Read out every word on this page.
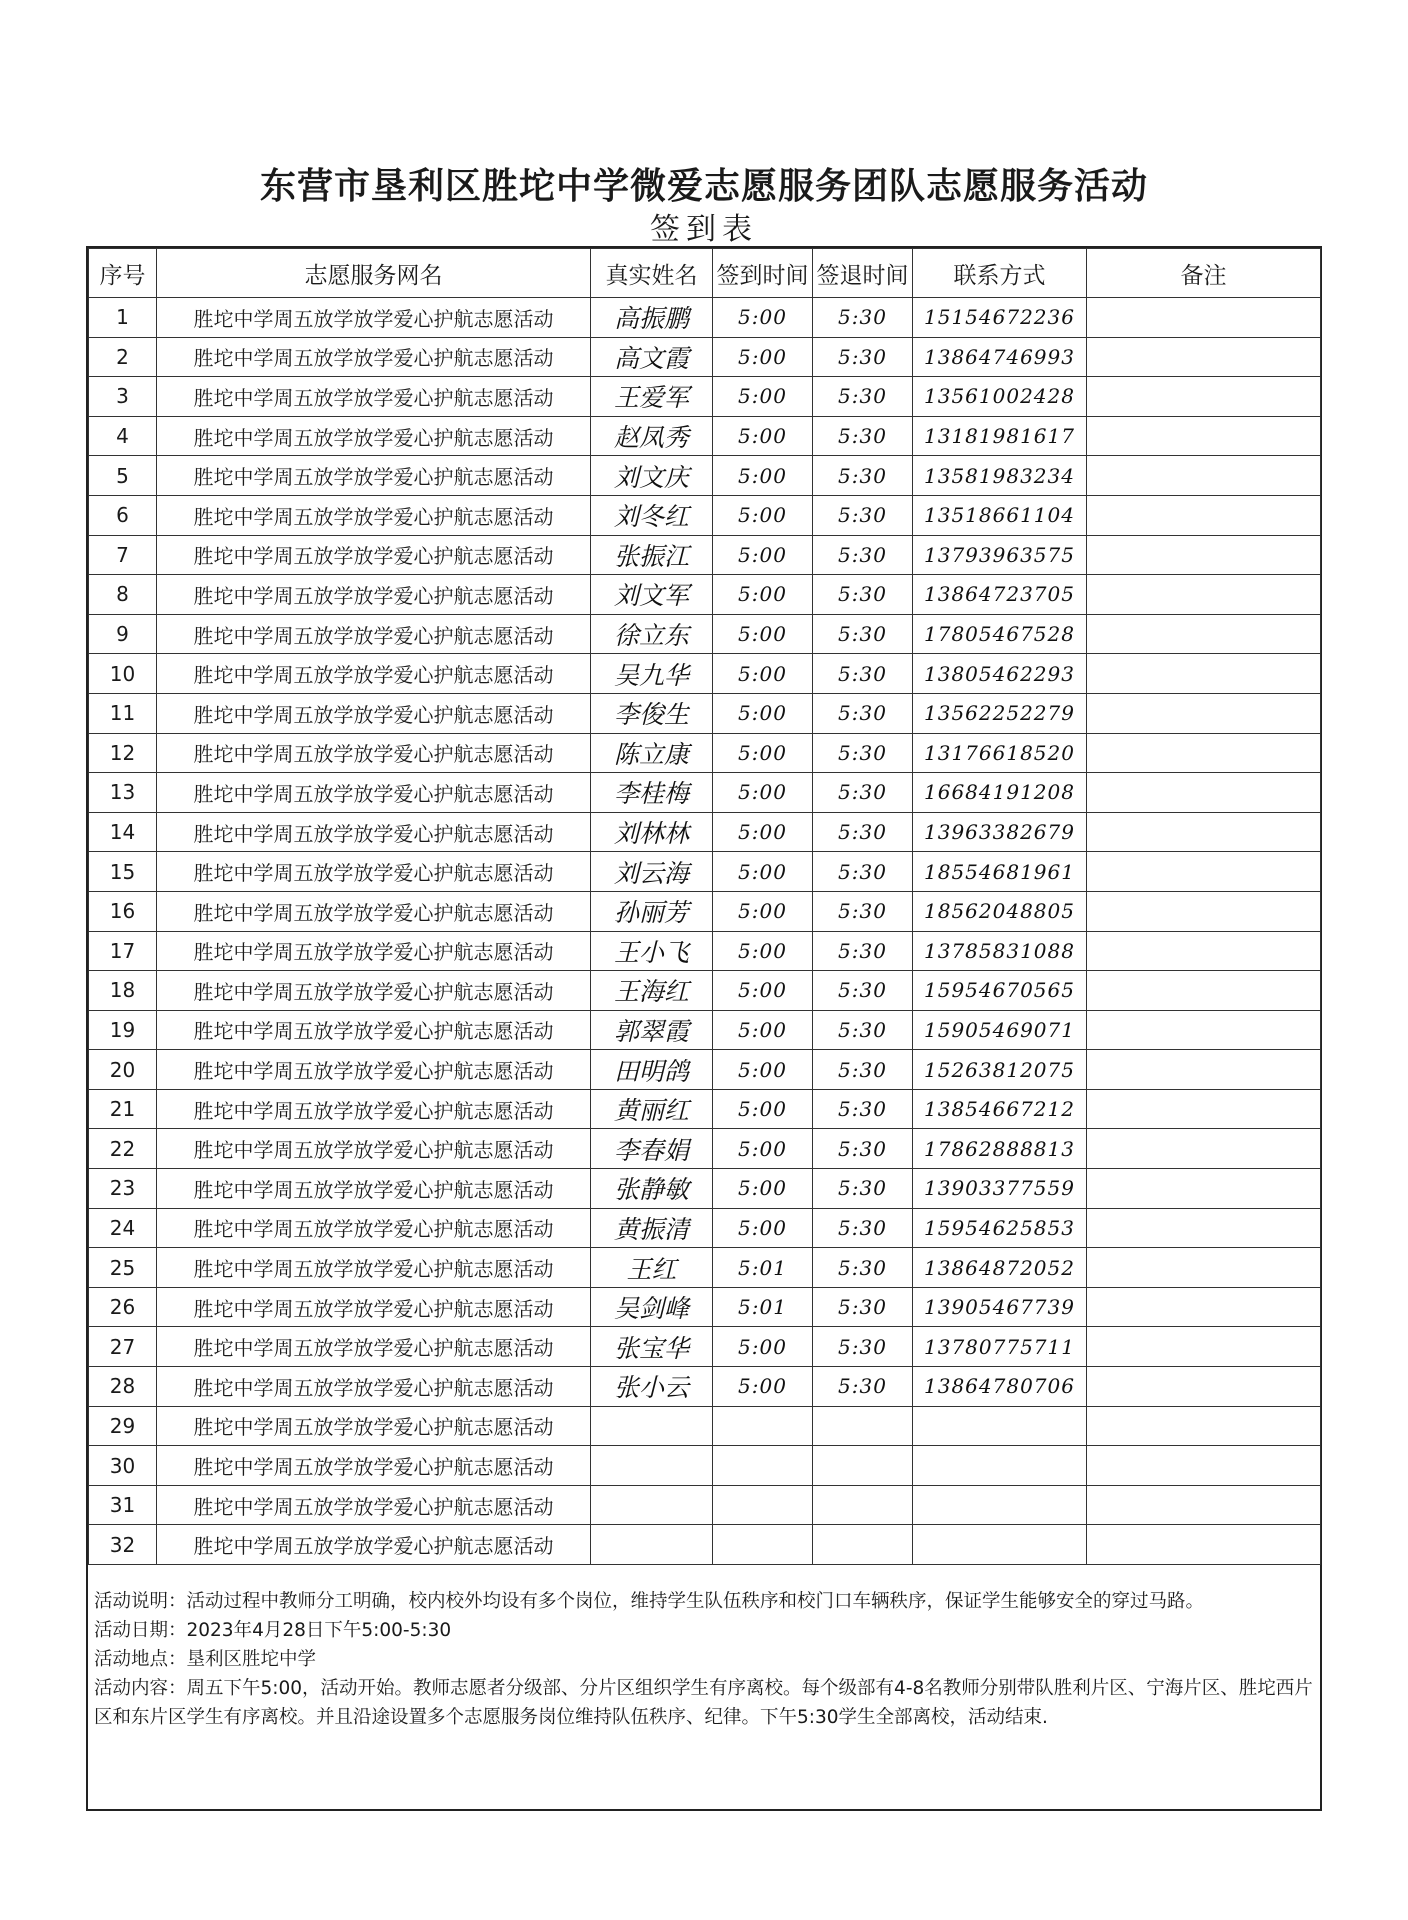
东营市垦利区胜坨中学微爱志愿服务团队志愿服务活动
签到表
序号	志愿服务网名	真实姓名	签到时间	签退时间	联系方式	备注
1	胜坨中学周五放学放学爱心护航志愿活动	高振鹏	5:00	5:30	15154672236	
2	胜坨中学周五放学放学爱心护航志愿活动	高文霞	5:00	5:30	13864746993	
3	胜坨中学周五放学放学爱心护航志愿活动	王爱军	5:00	5:30	13561002428	
4	胜坨中学周五放学放学爱心护航志愿活动	赵凤秀	5:00	5:30	13181981617	
5	胜坨中学周五放学放学爱心护航志愿活动	刘文庆	5:00	5:30	13581983234	
6	胜坨中学周五放学放学爱心护航志愿活动	刘冬红	5:00	5:30	13518661104	
7	胜坨中学周五放学放学爱心护航志愿活动	张振江	5:00	5:30	13793963575	
8	胜坨中学周五放学放学爱心护航志愿活动	刘文军	5:00	5:30	13864723705	
9	胜坨中学周五放学放学爱心护航志愿活动	徐立东	5:00	5:30	17805467528	
10	胜坨中学周五放学放学爱心护航志愿活动	吴九华	5:00	5:30	13805462293	
11	胜坨中学周五放学放学爱心护航志愿活动	李俊生	5:00	5:30	13562252279	
12	胜坨中学周五放学放学爱心护航志愿活动	陈立康	5:00	5:30	13176618520	
13	胜坨中学周五放学放学爱心护航志愿活动	李桂梅	5:00	5:30	16684191208	
14	胜坨中学周五放学放学爱心护航志愿活动	刘林林	5:00	5:30	13963382679	
15	胜坨中学周五放学放学爱心护航志愿活动	刘云海	5:00	5:30	18554681961	
16	胜坨中学周五放学放学爱心护航志愿活动	孙丽芳	5:00	5:30	18562048805	
17	胜坨中学周五放学放学爱心护航志愿活动	王小飞	5:00	5:30	13785831088	
18	胜坨中学周五放学放学爱心护航志愿活动	王海红	5:00	5:30	15954670565	
19	胜坨中学周五放学放学爱心护航志愿活动	郭翠霞	5:00	5:30	15905469071	
20	胜坨中学周五放学放学爱心护航志愿活动	田明鸽	5:00	5:30	15263812075	
21	胜坨中学周五放学放学爱心护航志愿活动	黄丽红	5:00	5:30	13854667212	
22	胜坨中学周五放学放学爱心护航志愿活动	李春娟	5:00	5:30	17862888813	
23	胜坨中学周五放学放学爱心护航志愿活动	张静敏	5:00	5:30	13903377559	
24	胜坨中学周五放学放学爱心护航志愿活动	黄振清	5:00	5:30	15954625853	
25	胜坨中学周五放学放学爱心护航志愿活动	王红	5:01	5:30	13864872052	
26	胜坨中学周五放学放学爱心护航志愿活动	吴剑峰	5:01	5:30	13905467739	
27	胜坨中学周五放学放学爱心护航志愿活动	张宝华	5:00	5:30	13780775711	
28	胜坨中学周五放学放学爱心护航志愿活动	张小云	5:00	5:30	13864780706	
29	胜坨中学周五放学放学爱心护航志愿活动					
30	胜坨中学周五放学放学爱心护航志愿活动					
31	胜坨中学周五放学放学爱心护航志愿活动					
32	胜坨中学周五放学放学爱心护航志愿活动					

活动说明：活动过程中教师分工明确，校内校外均设有多个岗位，维持学生队伍秩序和校门口车辆秩序，保证学生能够安全的穿过马路。

活动日期：2023年4月28日下午5:00-5:30

活动地点：垦利区胜坨中学

活动内容：周五下午5:00，活动开始。教师志愿者分级部、分片区组织学生有序离校。每个级部有4-8名教师分别带队胜利片区、宁海片区、胜坨西片区和东片区学生有序离校。并且沿途设置多个志愿服务岗位维持队伍秩序、纪律。下午5:30学生全部离校，活动结束.
